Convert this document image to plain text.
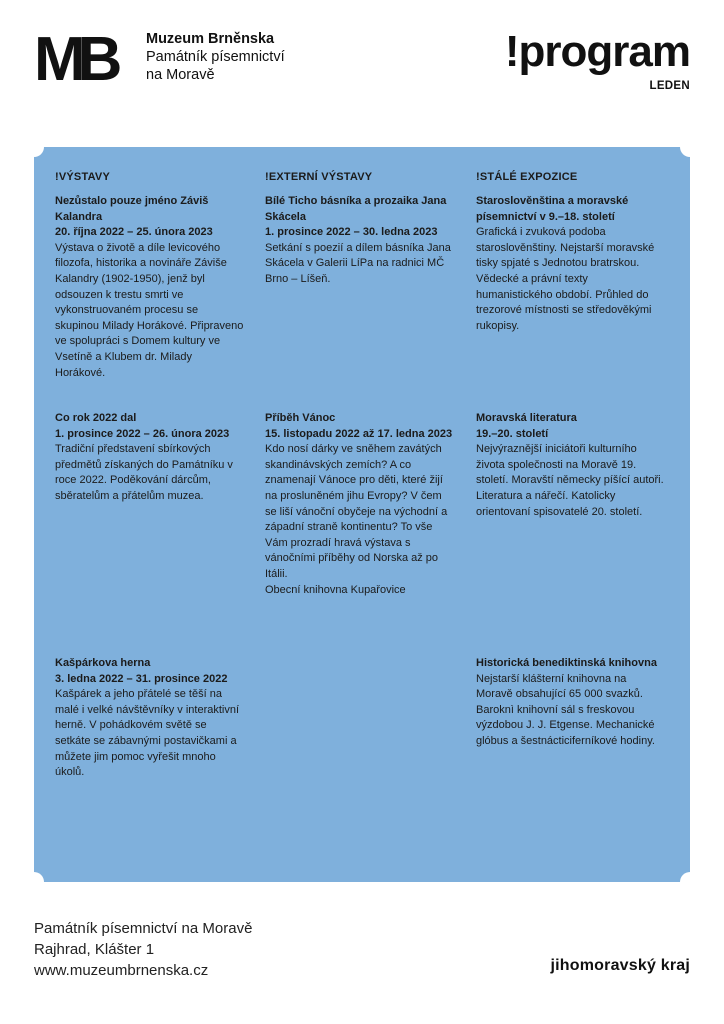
MB	Muzeum Brněnska
Památník písemnictví
na Moravě	!program
LEDEN
!VÝSTAVY
Nezůstalo pouze jméno Záviš Kalandra
20. října 2022 – 25. února 2023
Výstava o životě a díle levicového filozofa, historika a novináře Záviše Kalandry (1902-1950), jenž byl odsouzen k trestu smrti ve vykonstruovaném procesu se skupinou Milady Horákové. Připraveno ve spolupráci s Domem kultury ve Vsetíně a Klubem dr. Milady Horákové.
Co rok 2022 dal
1. prosince 2022 – 26. února 2023
Tradiční představení sbírkových předmětů získaných do Památníku v roce 2022. Poděkování dárcům, sběratelům a přátelům muzea.
Kašpárkova herna
3. ledna 2022 – 31. prosince 2022
Kašpárek a jeho přátelé se těší na malé i velké návštěvníky v interaktivní herně. V pohádkovém světě se setkáte se zábavnými postavičkami a můžete jim pomoc vyřešit mnoho úkolů.
!EXTERNÍ VÝSTAVY
Bílé Ticho básníka a prozaika Jana Skácela
1. prosince 2022 – 30. ledna 2023
Setkání s poezií a dílem básníka Jana Skácela v Galerii LíPa na radnici MČ Brno – Líšeň.
Příběh Vánoc
15. listopadu 2022 až 17. ledna 2023
Kdo nosí dárky ve sněhem zavátých skandinávských zemích? A co znamenají Vánoce pro děti, které žijí na prosluněném jihu Evropy? V čem se liší vánoční obyčeje na východní a západní straně kontinentu? To vše Vám prozradí hravá výstava s vánočními příběhy od Norska až po Itálii.
Obecní knihovna Kupařovice
!STÁLÉ EXPOZICE
Staroslověnština a moravské písemnictví v 9.–18. století
Grafická i zvuková podoba staroslověnštiny. Nejstarší moravské tisky spjaté s Jednotou bratrskou. Vědecké a právní texty humanistického období. Průhled do trezorové místnosti se středověkými rukopisy.
Moravská literatura
19.–20. století
Nejvýraznější iniciátoři kulturního života společnosti na Moravě 19. století. Moravští německy píšící autoři. Literatura a nářečí. Katolicky orientovaní spisovatelé 20. století.
Historická benediktinská knihovna
Nejstarší klášterní knihovna na Moravě obsahující 65 000 svazků. Baroknì knihovní sál s freskovou výzdobou J. J. Etgense. Mechanické glóbus a šestnácticiferníkové hodiny.
Památník písemnictví na Moravě
Rajhrad, Klášter 1
www.muzeumbrnenska.cz	jihomoravský kraj
